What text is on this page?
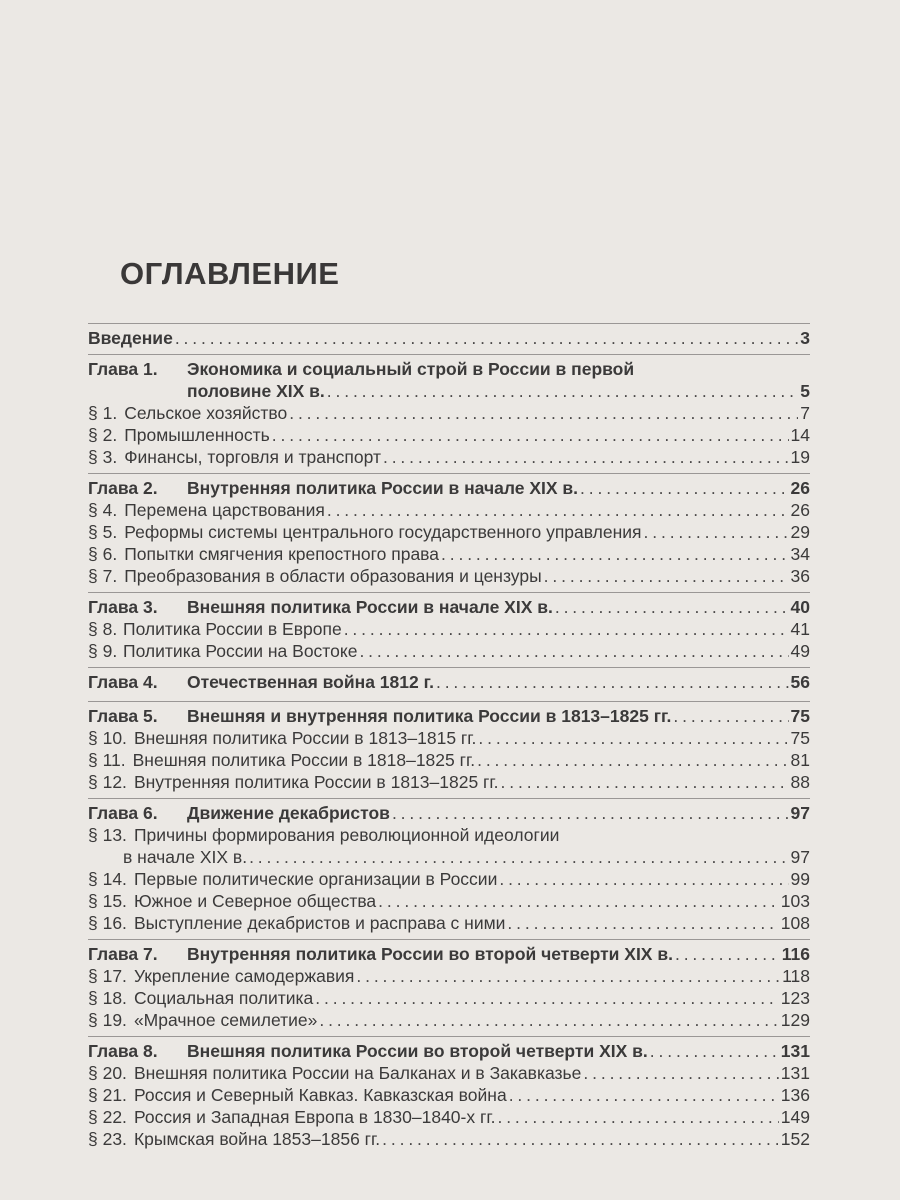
ОГЛАВЛЕНИЕ
Введение . . .	3
Глава 1.	Экономика и социальный строй в России в первой
половине XIX в. . . .	5
§ 1. Сельское хозяйство . . .	7
§ 2. Промышленность . . .	14
§ 3. Финансы, торговля и транспорт . . .	19
Глава 2.	Внутренняя политика России в начале XIX в. . . .	26
§ 4. Перемена царствования . . .	26
§ 5. Реформы системы центрального государственного управления . . .	29
§ 6. Попытки смягчения крепостного права . . .	34
§ 7. Преобразования в области образования и цензуры . . .	36
Глава 3.	Внешняя политика России в начале XIX в. . . .	40
§ 8. Политика России в Европе . . .	41
§ 9. Политика России на Востоке . . .	49
Глава 4.	Отечественная война 1812 г. . . .	56
Глава 5.	Внешняя и внутренняя политика России в 1813–1825 гг. . . .	75
§ 10. Внешняя политика России в 1813–1815 гг. . . .	75
§ 11. Внешняя политика России в 1818–1825 гг. . . .	81
§ 12. Внутренняя политика России в 1813–1825 гг. . . .	88
Глава 6.	Движение декабристов . . .	97
§ 13. Причины формирования революционной идеологии
в начале XIX в. . . .	97
§ 14. Первые политические организации в России . . .	99
§ 15. Южное и Северное общества . . .	103
§ 16. Выступление декабристов и расправа с ними . . .	108
Глава 7.	Внутренняя политика России во второй четверти XIX в. . . .	116
§ 17. Укрепление самодержавия . . .	118
§ 18. Социальная политика . . .	123
§ 19. «Мрачное семилетие» . . .	129
Глава 8.	Внешняя политика России во второй четверти XIX в. . . .	131
§ 20. Внешняя политика России на Балканах и в Закавказье . . .	131
§ 21. Россия и Северный Кавказ. Кавказская война . . .	136
§ 22. Россия и Западная Европа в 1830–1840-х гг. . . .	149
§ 23. Крымская война 1853–1856 гг. . . .	152
